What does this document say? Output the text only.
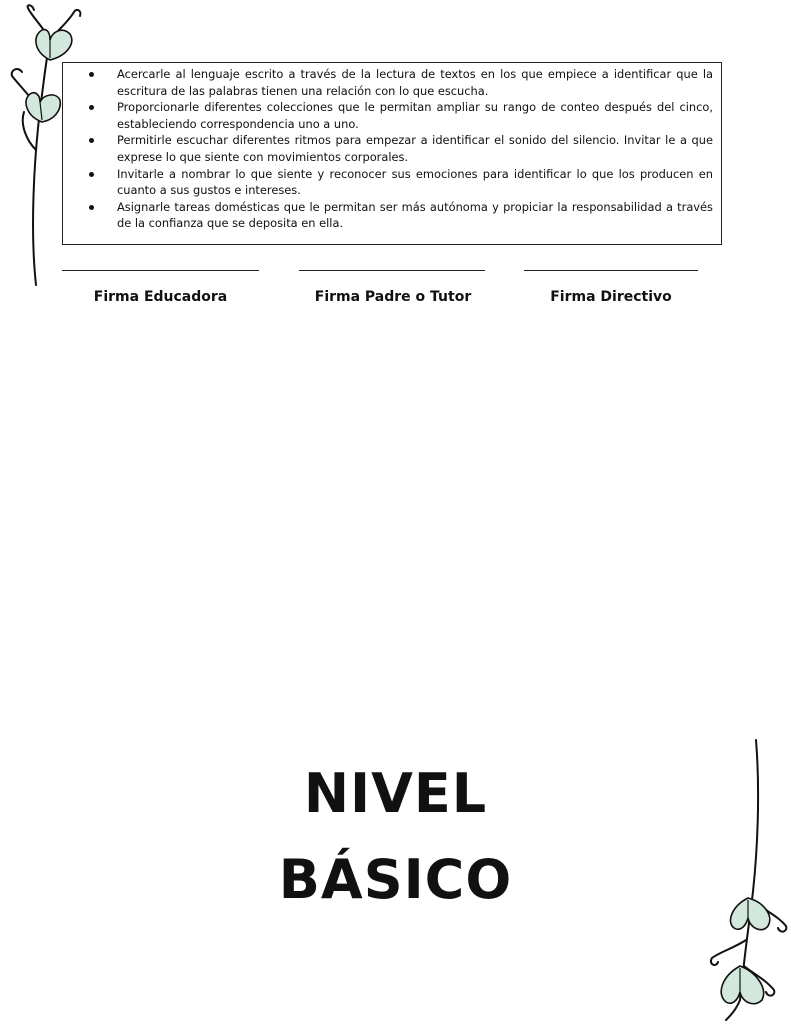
Acercarle al lenguaje escrito a través de la lectura de textos en los que empiece a identificar que la escritura de las palabras tienen una relación con lo que escucha.
Proporcionarle diferentes colecciones que le permitan ampliar su rango de conteo después del cinco, estableciendo correspondencia uno a uno.
Permitirle escuchar diferentes ritmos para empezar a identificar el sonido del silencio. Invitar le a que exprese lo que siente con movimientos corporales.
Invitarle a nombrar lo que siente y reconocer sus emociones para identificar lo que los producen en cuanto a sus gustos e intereses.
Asignarle tareas domésticas que le permitan ser más autónoma y propiciar la responsabilidad a través de la confianza que se deposita en ella.
Firma Educadora	Firma Padre o Tutor	Firma Directivo
NIVEL
BÁSICO
